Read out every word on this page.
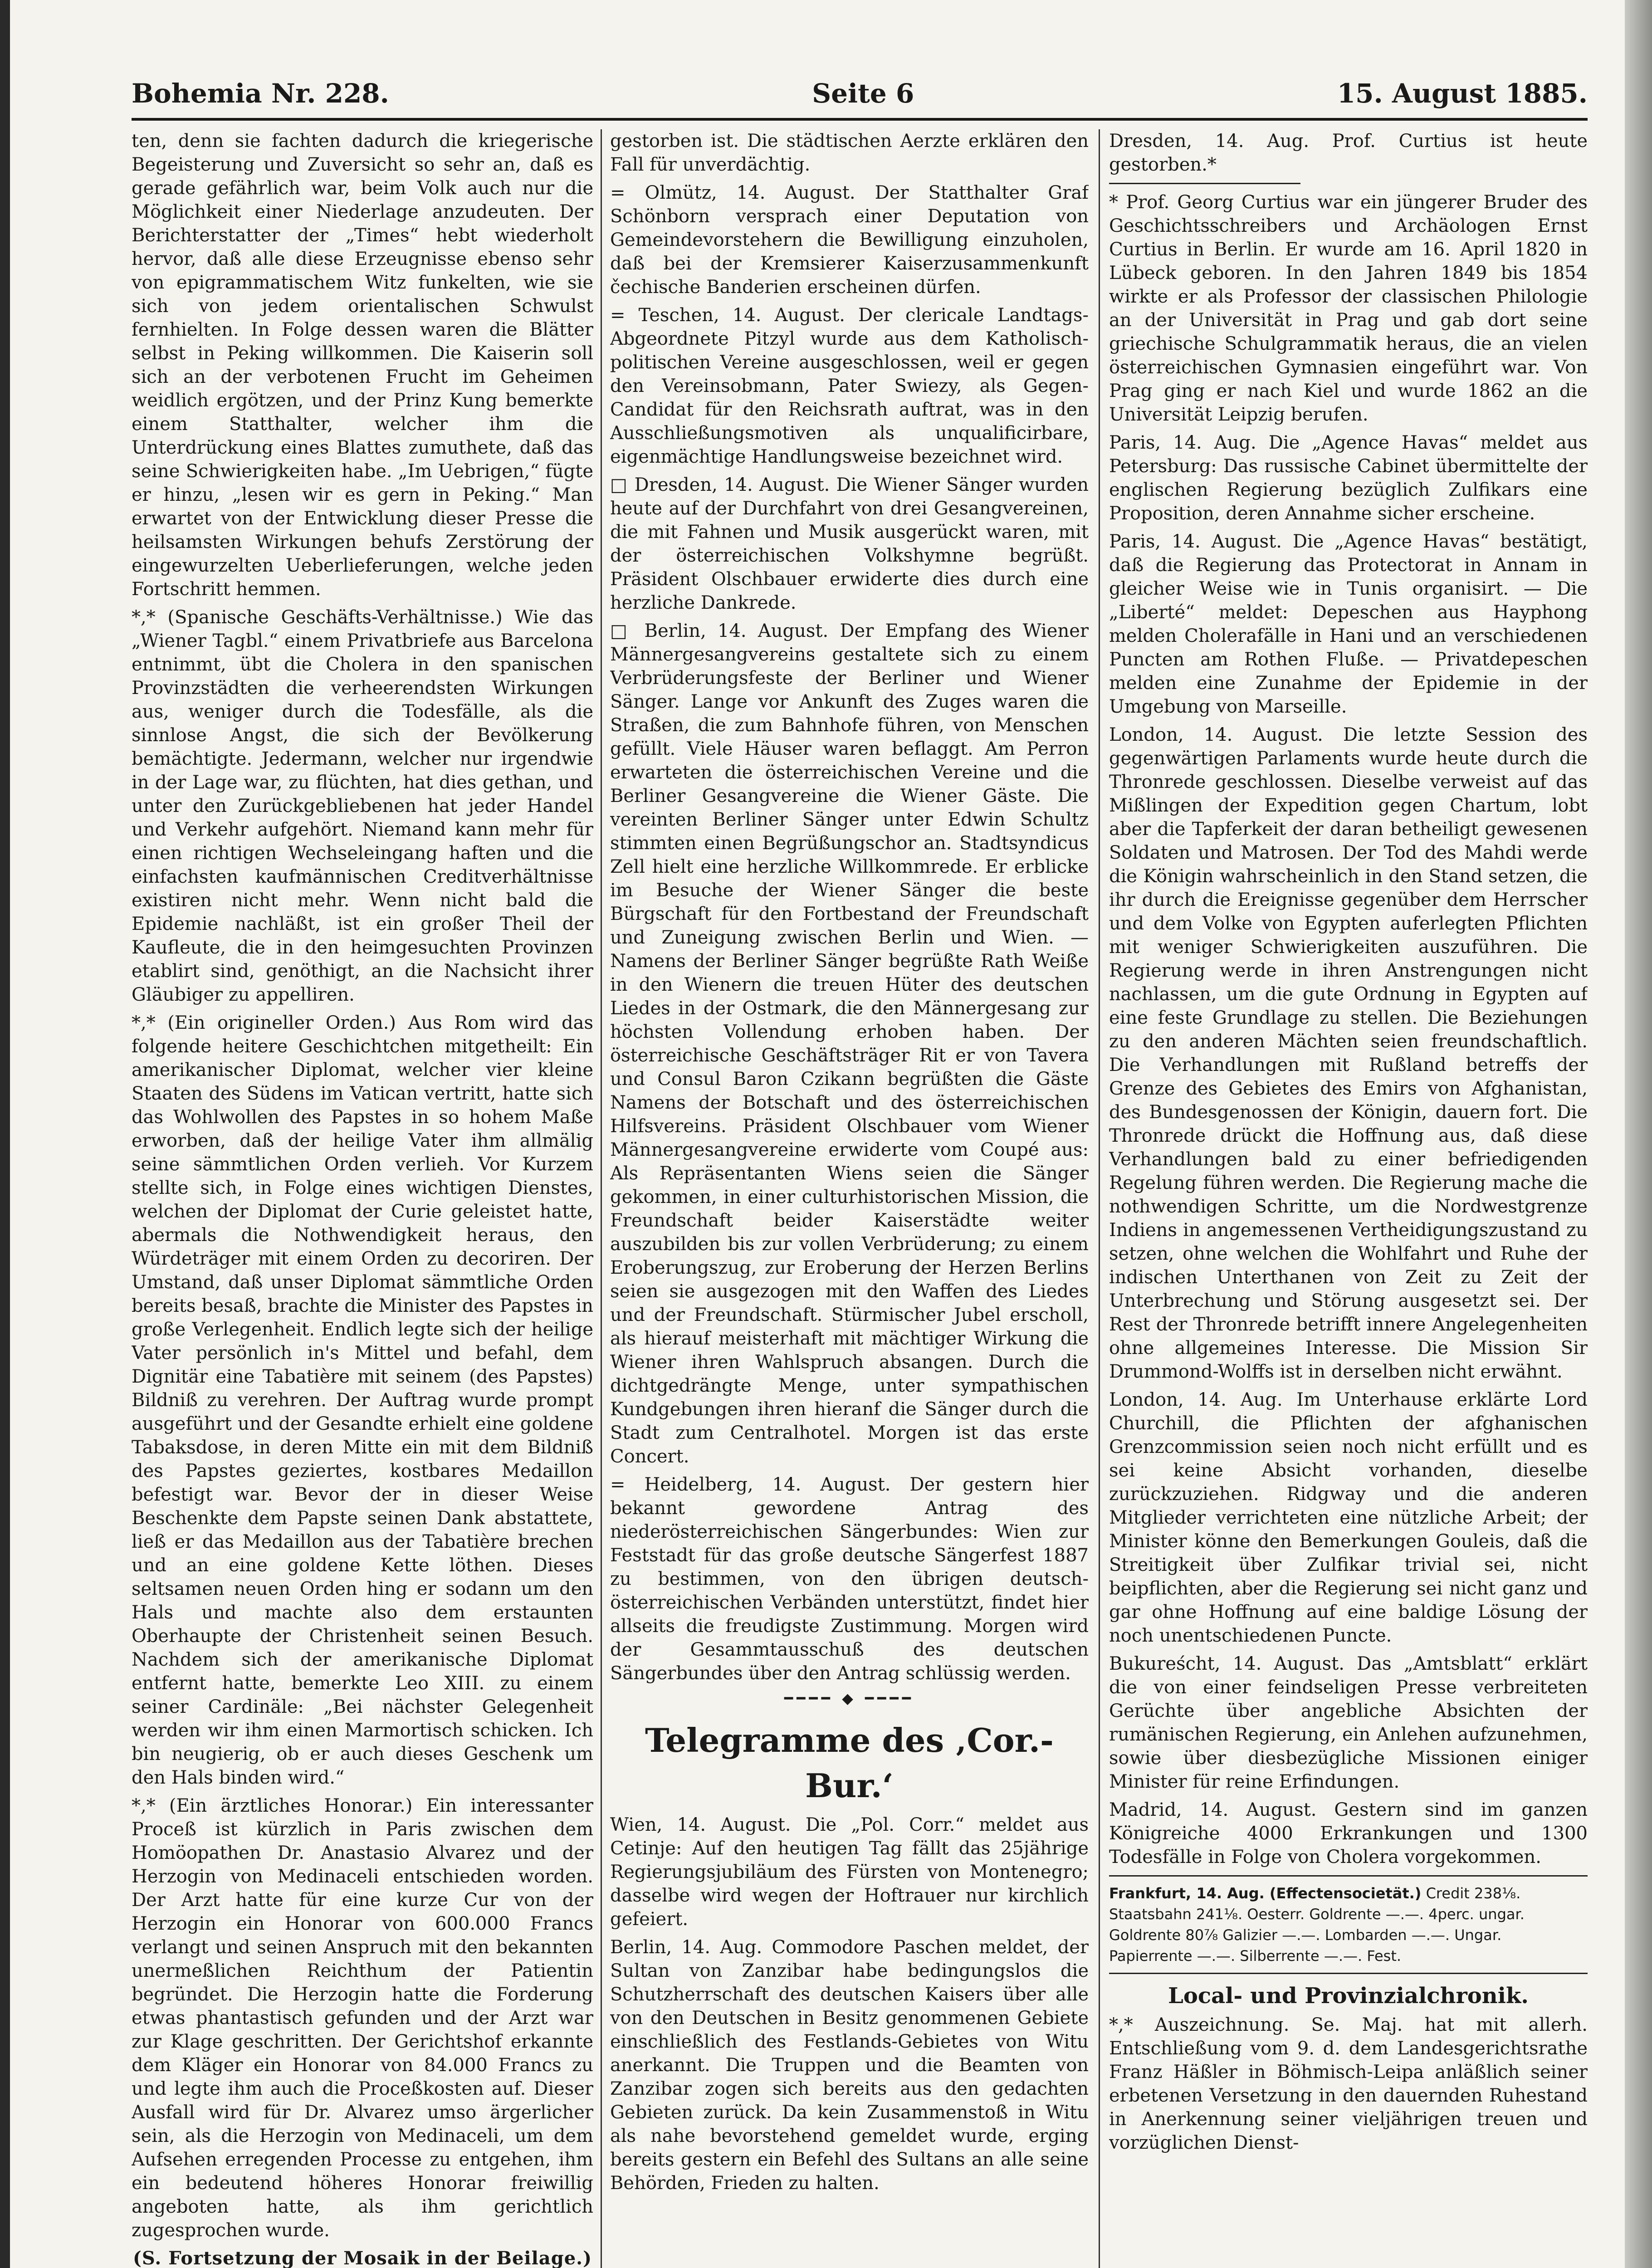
Bohemia Nr. 228.	Seite 6	15. August 1885.

ten, denn sie fachten dadurch die kriegerische Begeisterung und Zuversicht so sehr an, daß es gerade gefährlich war, beim Volk auch nur die Möglichkeit einer Niederlage anzudeuten. Der Berichterstatter der „Times“ hebt wiederholt hervor, daß alle diese Erzeugnisse ebenso sehr von epigrammatischem Witz funkelten, wie sie sich von jedem orientalischen Schwulst fernhielten. In Folge dessen waren die Blätter selbst in Peking willkommen. Die Kaiserin soll sich an der verbotenen Frucht im Geheimen weidlich ergötzen, und der Prinz Kung bemerkte einem Statthalter, welcher ihm die Unterdrückung eines Blattes zumuthete, daß das seine Schwierigkeiten habe. „Im Uebrigen,“ fügte er hinzu, „lesen wir es gern in Peking.“ Man erwartet von der Entwicklung dieser Presse die heilsamsten Wirkungen behufs Zerstörung der eingewurzelten Ueberlieferungen, welche jeden Fortschritt hemmen.

*,* (Spanische Geschäfts-Verhältnisse.) Wie das „Wiener Tagbl.“ einem Privatbriefe aus Barcelona entnimmt, übt die Cholera in den spanischen Provinzstädten die verheerendsten Wirkungen aus, weniger durch die Todesfälle, als die sinnlose Angst, die sich der Bevölkerung bemächtigte. Jedermann, welcher nur irgendwie in der Lage war, zu flüchten, hat dies gethan, und unter den Zurückgebliebenen hat jeder Handel und Verkehr aufgehört. Niemand kann mehr für einen richtigen Wechseleingang haften und die einfachsten kaufmännischen Creditverhältnisse existiren nicht mehr. Wenn nicht bald die Epidemie nachläßt, ist ein großer Theil der Kaufleute, die in den heimgesuchten Provinzen etablirt sind, genöthigt, an die Nachsicht ihrer Gläubiger zu appelliren.

*,* (Ein origineller Orden.) Aus Rom wird das folgende heitere Geschichtchen mitgetheilt: Ein amerikanischer Diplomat, welcher vier kleine Staaten des Südens im Vatican vertritt, hatte sich das Wohlwollen des Papstes in so hohem Maße erworben, daß der heilige Vater ihm allmälig seine sämmtlichen Orden verlieh. Vor Kurzem stellte sich, in Folge eines wichtigen Dienstes, welchen der Diplomat der Curie geleistet hatte, abermals die Nothwendigkeit heraus, den Würdeträger mit einem Orden zu decoriren. Der Umstand, daß unser Diplomat sämmtliche Orden bereits besaß, brachte die Minister des Papstes in große Verlegenheit. Endlich legte sich der heilige Vater persönlich in's Mittel und befahl, dem Dignitär eine Tabatière mit seinem (des Papstes) Bildniß zu verehren. Der Auftrag wurde prompt ausgeführt und der Gesandte erhielt eine goldene Tabaksdose, in deren Mitte ein mit dem Bildniß des Papstes geziertes, kostbares Medaillon befestigt war. Bevor der in dieser Weise Beschenkte dem Papste seinen Dank abstattete, ließ er das Medaillon aus der Tabatière brechen und an eine goldene Kette löthen. Dieses seltsamen neuen Orden hing er sodann um den Hals und machte also dem erstaunten Oberhaupte der Christenheit seinen Besuch. Nachdem sich der amerikanische Diplomat entfernt hatte, bemerkte Leo XIII. zu einem seiner Cardinäle: „Bei nächster Gelegenheit werden wir ihm einen Marmortisch schicken. Ich bin neugierig, ob er auch dieses Geschenk um den Hals binden wird.“

*,* (Ein ärztliches Honorar.) Ein interessanter Proceß ist kürzlich in Paris zwischen dem Homöopathen Dr. Anastasio Alvarez und der Herzogin von Medinaceli entschieden worden. Der Arzt hatte für eine kurze Cur von der Herzogin ein Honorar von 600.000 Francs verlangt und seinen Anspruch mit den bekannten unermeßlichen Reichthum der Patientin begründet. Die Herzogin hatte die Forderung etwas phantastisch gefunden und der Arzt war zur Klage geschritten. Der Gerichtshof erkannte dem Kläger ein Honorar von 84.000 Francs zu und legte ihm auch die Proceßkosten auf. Dieser Ausfall wird für Dr. Alvarez umso ärgerlicher sein, als die Herzogin von Medinaceli, um dem Aufsehen erregenden Processe zu entgehen, ihm ein bedeutend höheres Honorar freiwillig angeboten hatte, als ihm gerichtlich zugesprochen wurde.

(S. Fortsetzung der Mosaik in der Beilage.)

gestorben ist. Die städtischen Aerzte erklären den Fall für unverdächtig.

= Olmütz, 14. August. Der Statthalter Graf Schönborn versprach einer Deputation von Gemeindevorstehern die Bewilligung einzuholen, daß bei der Kremsierer Kaiserzusammenkunft čechische Banderien erscheinen dürfen.

= Teschen, 14. August. Der clericale Landtags-Abgeordnete Pitzyl wurde aus dem Katholisch-politischen Vereine ausgeschlossen, weil er gegen den Vereinsobmann, Pater Swiezy, als Gegen-Candidat für den Reichsrath auftrat, was in den Ausschließungsmotiven als unqualificirbare, eigenmächtige Handlungsweise bezeichnet wird.

□ Dresden, 14. August. Die Wiener Sänger wurden heute auf der Durchfahrt von drei Gesangvereinen, die mit Fahnen und Musik ausgerückt waren, mit der österreichischen Volkshymne begrüßt. Präsident Olschbauer erwiderte dies durch eine herzliche Dankrede.

□ Berlin, 14. August. Der Empfang des Wiener Männergesangvereins gestaltete sich zu einem Verbrüderungsfeste der Berliner und Wiener Sänger. Lange vor Ankunft des Zuges waren die Straßen, die zum Bahnhofe führen, von Menschen gefüllt. Viele Häuser waren beflaggt. Am Perron erwarteten die österreichischen Vereine und die Berliner Gesangvereine die Wiener Gäste. Die vereinten Berliner Sänger unter Edwin Schultz stimmten einen Begrüßungschor an. Stadtsyndicus Zell hielt eine herzliche Willkommrede. Er erblicke im Besuche der Wiener Sänger die beste Bürgschaft für den Fortbestand der Freundschaft und Zuneigung zwischen Berlin und Wien. — Namens der Berliner Sänger begrüßte Rath Weiße in den Wienern die treuen Hüter des deutschen Liedes in der Ostmark, die den Männergesang zur höchsten Vollendung erhoben haben. Der österreichische Geschäftsträger Rit er von Tavera und Consul Baron Czikann begrüßten die Gäste Namens der Botschaft und des österreichischen Hilfsvereins. Präsident Olschbauer vom Wiener Männergesangvereine erwiderte vom Coupé aus: Als Repräsentanten Wiens seien die Sänger gekommen, in einer culturhistorischen Mission, die Freundschaft beider Kaiserstädte weiter auszubilden bis zur vollen Verbrüderung; zu einem Eroberungszug, zur Eroberung der Herzen Berlins seien sie ausgezogen mit den Waffen des Liedes und der Freundschaft. Stürmischer Jubel erscholl, als hierauf meisterhaft mit mächtiger Wirkung die Wiener ihren Wahlspruch absangen. Durch die dichtgedrängte Menge, unter sympathischen Kundgebungen ihren hieranf die Sänger durch die Stadt zum Centralhotel. Morgen ist das erste Concert.

= Heidelberg, 14. August. Der gestern hier bekannt gewordene Antrag des niederösterreichischen Sängerbundes: Wien zur Feststadt für das große deutsche Sängerfest 1887 zu bestimmen, von den übrigen deutsch-österreichischen Verbänden unterstützt, findet hier allseits die freudigste Zustimmung. Morgen wird der Gesammtausschuß des deutschen Sängerbundes über den Antrag schlüssig werden.

━━━━ ◆ ━━━━
Telegramme des ‚Cor.-Bur.‘

Wien, 14. August. Die „Pol. Corr.“ meldet aus Cetinje: Auf den heutigen Tag fällt das 25jährige Regierungsjubiläum des Fürsten von Montenegro; dasselbe wird wegen der Hoftrauer nur kirchlich gefeiert.

Berlin, 14. Aug. Commodore Paschen meldet, der Sultan von Zanzibar habe bedingungslos die Schutzherrschaft des deutschen Kaisers über alle von den Deutschen in Besitz genommenen Gebiete einschließlich des Festlands-Gebietes von Witu anerkannt. Die Truppen und die Beamten von Zanzibar zogen sich bereits aus den gedachten Gebieten zurück. Da kein Zusammenstoß in Witu als nahe bevorstehend gemeldet wurde, erging bereits gestern ein Befehl des Sultans an alle seine Behörden, Frieden zu halten.

Dresden, 14. Aug. Prof. Curtius ist heute gestorben.*

* Prof. Georg Curtius war ein jüngerer Bruder des Geschichtsschreibers und Archäologen Ernst Curtius in Berlin. Er wurde am 16. April 1820 in Lübeck geboren. In den Jahren 1849 bis 1854 wirkte er als Professor der classischen Philologie an der Universität in Prag und gab dort seine griechische Schulgrammatik heraus, die an vielen österreichischen Gymnasien eingeführt war. Von Prag ging er nach Kiel und wurde 1862 an die Universität Leipzig berufen.

Paris, 14. Aug. Die „Agence Havas“ meldet aus Petersburg: Das russische Cabinet übermittelte der englischen Regierung bezüglich Zulfikars eine Proposition, deren Annahme sicher erscheine.

Paris, 14. August. Die „Agence Havas“ bestätigt, daß die Regierung das Protectorat in Annam in gleicher Weise wie in Tunis organisirt. — Die „Liberté“ meldet: Depeschen aus Hayphong melden Cholerafälle in Hani und an verschiedenen Puncten am Rothen Fluße. — Privatdepeschen melden eine Zunahme der Epidemie in der Umgebung von Marseille.

London, 14. August. Die letzte Session des gegenwärtigen Parlaments wurde heute durch die Thronrede geschlossen. Dieselbe verweist auf das Mißlingen der Expedition gegen Chartum, lobt aber die Tapferkeit der daran betheiligt gewesenen Soldaten und Matrosen. Der Tod des Mahdi werde die Königin wahrscheinlich in den Stand setzen, die ihr durch die Ereignisse gegenüber dem Herrscher und dem Volke von Egypten auferlegten Pflichten mit weniger Schwierigkeiten auszuführen. Die Regierung werde in ihren Anstrengungen nicht nachlassen, um die gute Ordnung in Egypten auf eine feste Grundlage zu stellen. Die Beziehungen zu den anderen Mächten seien freundschaftlich. Die Verhandlungen mit Rußland betreffs der Grenze des Gebietes des Emirs von Afghanistan, des Bundesgenossen der Königin, dauern fort. Die Thronrede drückt die Hoffnung aus, daß diese Verhandlungen bald zu einer befriedigenden Regelung führen werden. Die Regierung mache die nothwendigen Schritte, um die Nordwestgrenze Indiens in angemessenen Vertheidigungszustand zu setzen, ohne welchen die Wohlfahrt und Ruhe der indischen Unterthanen von Zeit zu Zeit der Unterbrechung und Störung ausgesetzt sei. Der Rest der Thronrede betrifft innere Angelegenheiten ohne allgemeines Interesse. Die Mission Sir Drummond-Wolffs ist in derselben nicht erwähnt.

London, 14. Aug. Im Unterhause erklärte Lord Churchill, die Pflichten der afghanischen Grenzcommission seien noch nicht erfüllt und es sei keine Absicht vorhanden, dieselbe zurückzuziehen. Ridgway und die anderen Mitglieder verrichteten eine nützliche Arbeit; der Minister könne den Bemerkungen Gouleis, daß die Streitigkeit über Zulfikar trivial sei, nicht beipflichten, aber die Regierung sei nicht ganz und gar ohne Hoffnung auf eine baldige Lösung der noch unentschiedenen Puncte.

Bukureścht, 14. August. Das „Amtsblatt“ erklärt die von einer feindseligen Presse verbreiteten Gerüchte über angebliche Absichten der rumänischen Regierung, ein Anlehen aufzunehmen, sowie über diesbezügliche Missionen einiger Minister für reine Erfindungen.

Madrid, 14. August. Gestern sind im ganzen Königreiche 4000 Erkrankungen und 1300 Todesfälle in Folge von Cholera vorgekommen.

Frankfurt, 14. Aug. (Effectensocietät.) Credit 238⅛. Staatsbahn 241⅛. Oesterr. Goldrente —.—. 4perc. ungar. Goldrente 80⅞ Galizier —.—. Lombarden —.—. Ungar. Papierrente —.—. Silberrente —.—. Fest.
Local- und Provinzialchronik.

*,* Auszeichnung. Se. Maj. hat mit allerh. Entschließung vom 9. d. dem Landesgerichtsrathe Franz Häßler in Böhmisch-Leipa anläßlich seiner erbetenen Versetzung in den dauernden Ruhestand in Anerkennung seiner vieljährigen treuen und vorzüglichen Dienst-
